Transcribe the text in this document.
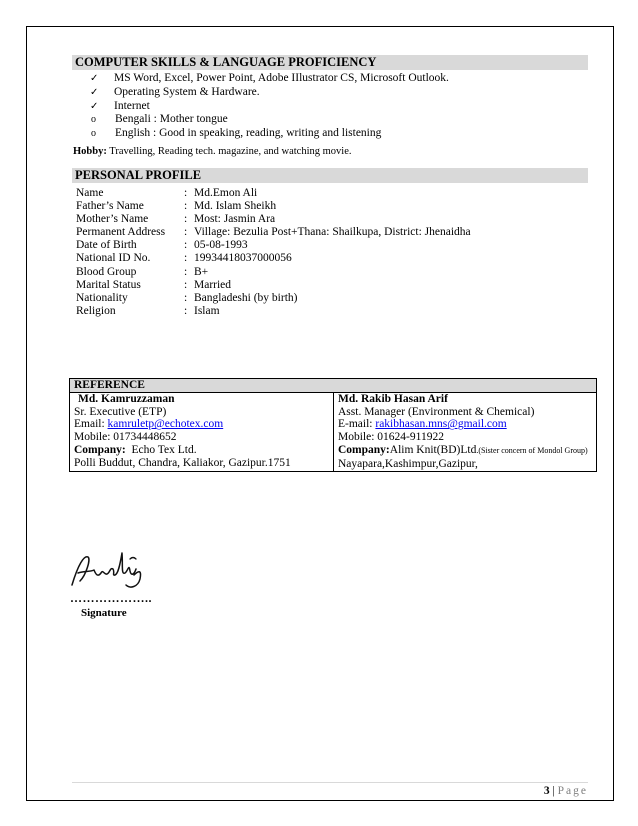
COMPUTER SKILLS & LANGUAGE PROFICIENCY
✓ MS Word, Excel, Power Point, Adobe IIlustrator CS, Microsoft Outlook.
✓ Operating System & Hardware.
✓ Internet
o Bengali : Mother tongue
o English : Good in speaking, reading, writing and listening
Hobby: Travelling, Reading tech. magazine, and watching movie.
PERSONAL PROFILE
Name	: Md.Emon Ali
Father’s Name	: Md. Islam Sheikh
Mother’s Name	: Most: Jasmin Ara
Permanent Address : Village: Bezulia Post+Thana: Shailkupa, District: Jhenaidha
Date of Birth	: 05-08-1993
National ID No.	: 19934418037000056
Blood Group	: B+
Marital Status	: Married
Nationality	: Bangladeshi (by birth)
Religion	: Islam
REFERENCE

Md. Kamruzzaman
Sr. Executive (ETP)
Email: kamruletp@echotex.com
Mobile: 01734448652
Company:  Echo Tex Ltd.
Polli Buddut, Chandra, Kaliakor, Gazipur.1751

Md. Rakib Hasan Arif
Asst. Manager (Environment & Chemical)
E-mail: rakibhasan.mns@gmail.com
Mobile: 01624-911922
Company:Alim Knit(BD)Ltd.(Sister concern of Mondol Group)
Nayapara,Kashimpur,Gazipur,
………………..
Signature
3 | Page
